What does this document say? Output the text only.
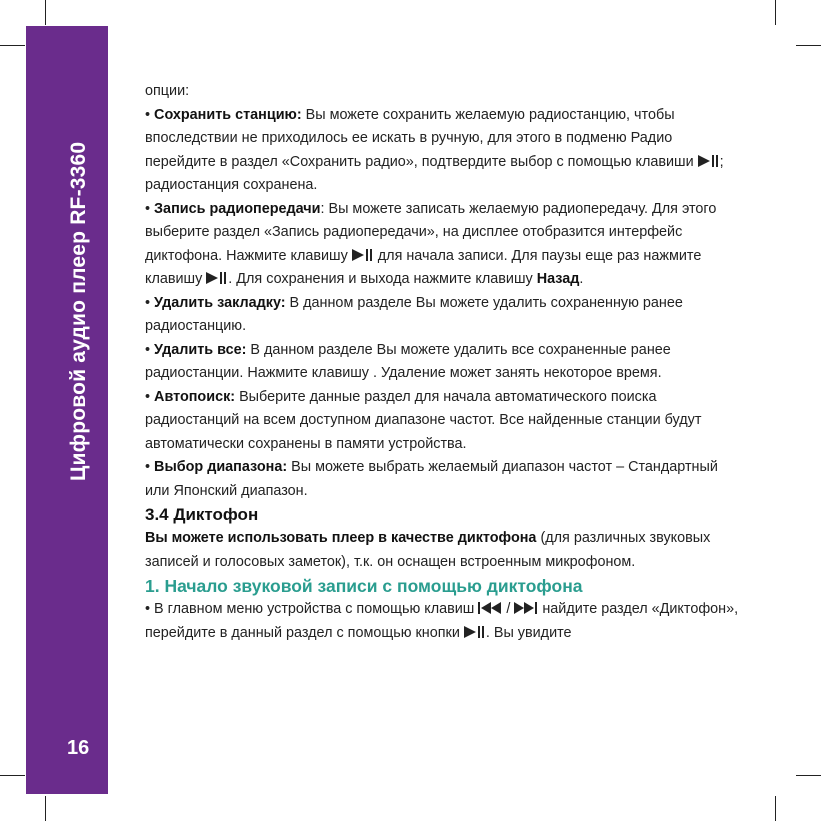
Цифровой аудио плеер RF-3360
16

опции:

• Сохранить станцию: Вы можете сохранить желаемую радиостанцию, чтобы впоследствии не приходилось ее искать в ручную, для этого в подменю Радио перейдите в раздел «Сохранить радио», подтвердите выбор с помощью клавиши ; радиостанция сохранена.

• Запись радиопередачи: Вы можете записать желаемую радиопередачу. Для этого выберите раздел «Запись радиопередачи», на дисплее отобразится интерфейс диктофона. Нажмите клавишу  для начала записи. Для паузы еще раз нажмите клавишу . Для сохранения и выхода нажмите клавишу Назад.

• Удалить закладку: В данном разделе Вы можете удалить сохраненную ранее радиостанцию.

• Удалить все: В данном разделе Вы можете удалить все сохраненные ранее радиостанции. Нажмите клавишу . Удаление может занять некоторое время.

• Автопоиск: Выберите данные раздел для начала автоматического поиска радиостанций на всем доступном диапазоне частот. Все найденные станции будут автоматически сохранены в памяти устройства.

• Выбор диапазона: Вы можете выбрать желаемый диапазон частот – Стандартный или Японский диапазон.

3.4 Диктофон

Вы можете использовать плеер в качестве диктофона (для различных звуковых записей и голосовых заметок), т.к. он оснащен встроенным микрофоном.

1. Начало звуковой записи с помощью диктофона

• В главном меню устройства с помощью клавиш  /  найдите раздел «Диктофон», перейдите в данный раздел с помощью кнопки . Вы увидите
